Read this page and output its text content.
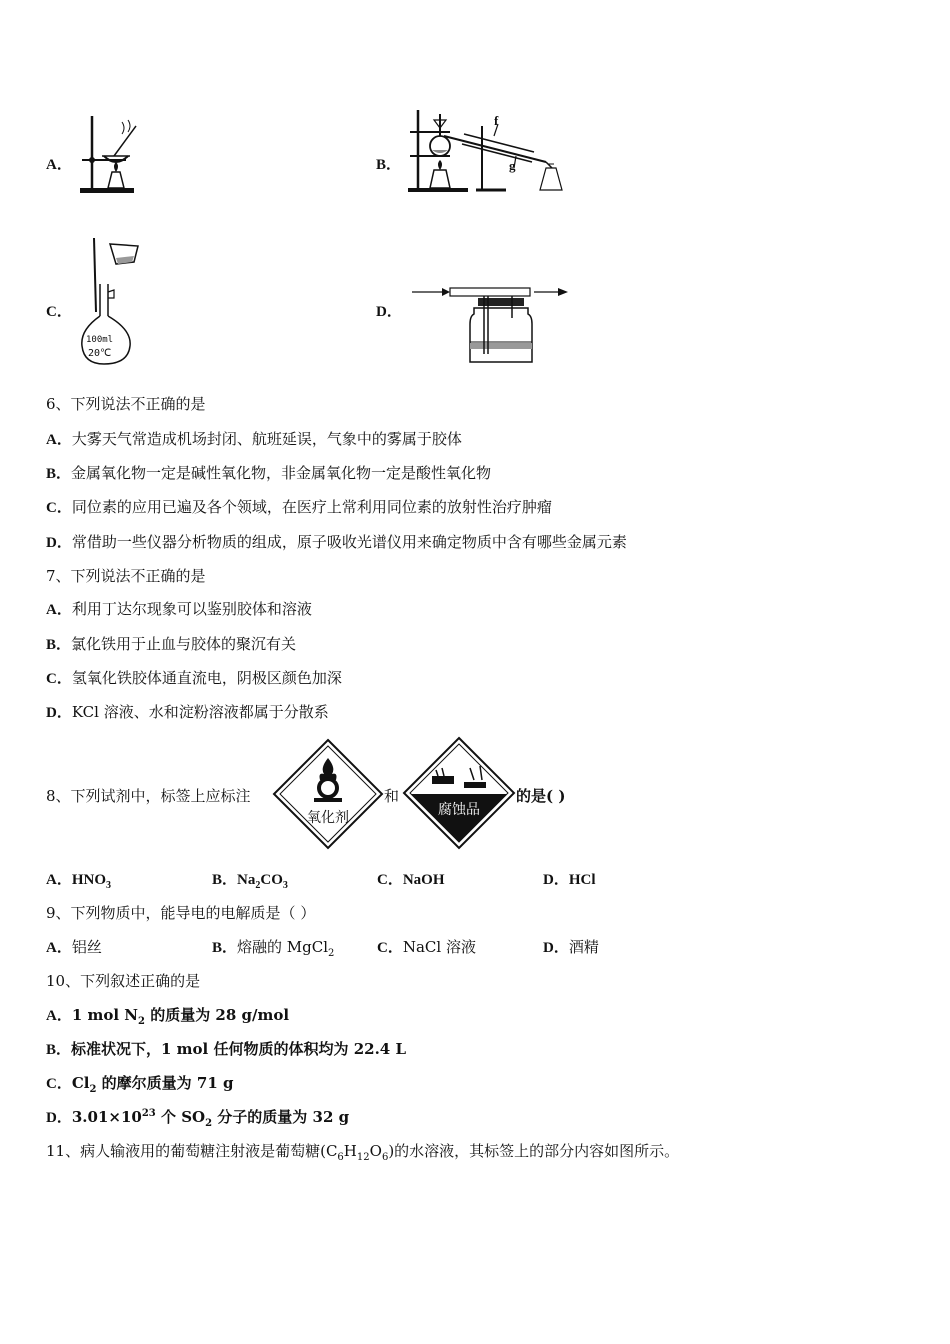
A．	B．
f
g
C．
100ml
20℃
D．
6、下列说法不正确的是
A．大雾天气常造成机场封闭、航班延误，气象中的雾属于胶体
B．金属氧化物一定是碱性氧化物，非金属氧化物一定是酸性氧化物
C．同位素的应用已遍及各个领域，在医疗上常利用同位素的放射性治疗肿瘤
D．常借助一些仪器分析物质的组成，原子吸收光谱仪用来确定物质中含有哪些金属元素
7、下列说法不正确的是
A．利用丁达尔现象可以鉴别胶体和溶液
B．氯化铁用于止血与胶体的聚沉有关
C．氢氧化铁胶体通直流电，阴极区颜色加深
D．KCl 溶液、水和淀粉溶液都属于分散系
8、下列试剂中，标签上应标注
氧化剂
和
腐蚀品
的是( )
A．$HNO_3$	B．$Na_2CO_3$	C．NaOH	D．HCl
9、下列物质中，能导电的电解质是（ ）
A．铝丝	B．熔融的 MgCl$_2$	C．NaCl 溶液	D．酒精
10、下列叙述正确的是
A．1 mol $N_2$ 的质量为 28 g/mol
B．标准状况下，1 mol 任何物质的体积均为 22.4 L
C．$Cl_2$ 的摩尔质量为 71 g
D．$3.01\times 10^{23}$ 个 $SO_2$ 分子的质量为 32 g
11、病人输液用的葡萄糖注射液是葡萄糖$(C_6H_{12}O_6)$的水溶液，其标签上的部分内容如图所示。
